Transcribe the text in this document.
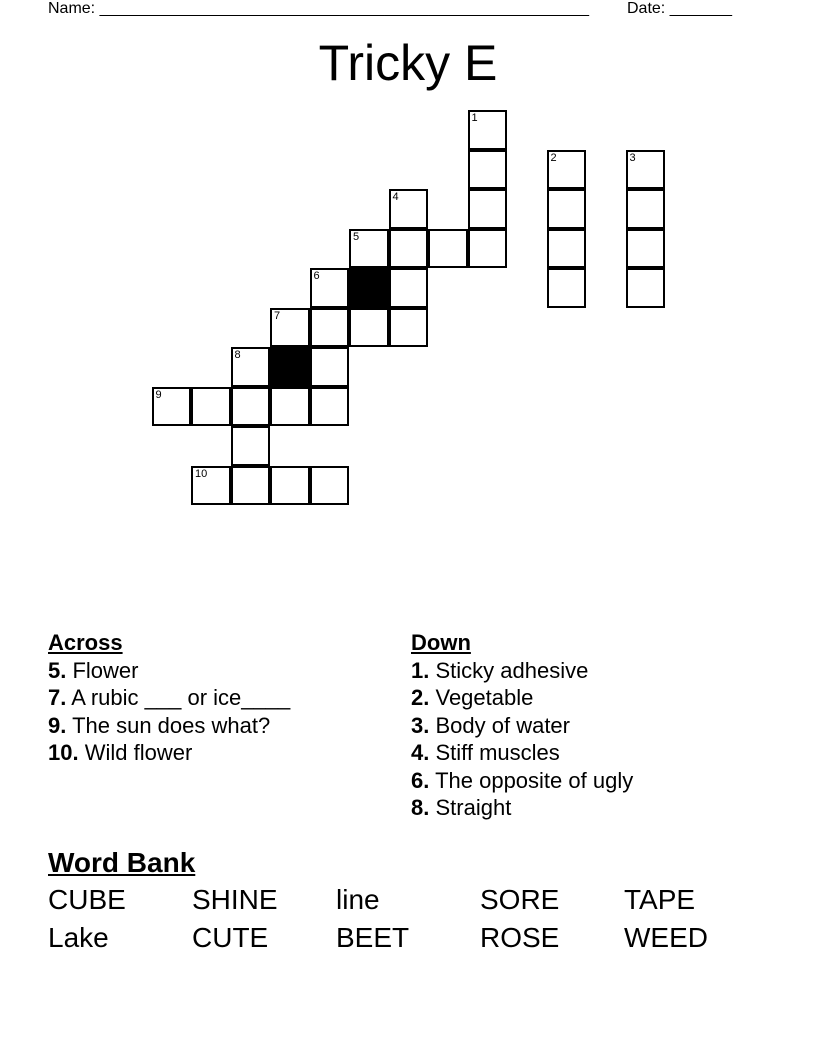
Name: _______________________________________________________ Date: _______
Tricky E
1
2	3
4
5
6
7
8
9
10
Across
5. Flower
7. A rubic ___ or ice____
9. The sun does what?
10. Wild flower
Down
1. Sticky adhesive
2. Vegetable
3. Body of water
4. Stiff muscles
6. The opposite of ugly
8. Straight
Word Bank
CUBE	SHINE	line	SORE	TAPE
Lake	CUTE	BEET	ROSE	WEED
